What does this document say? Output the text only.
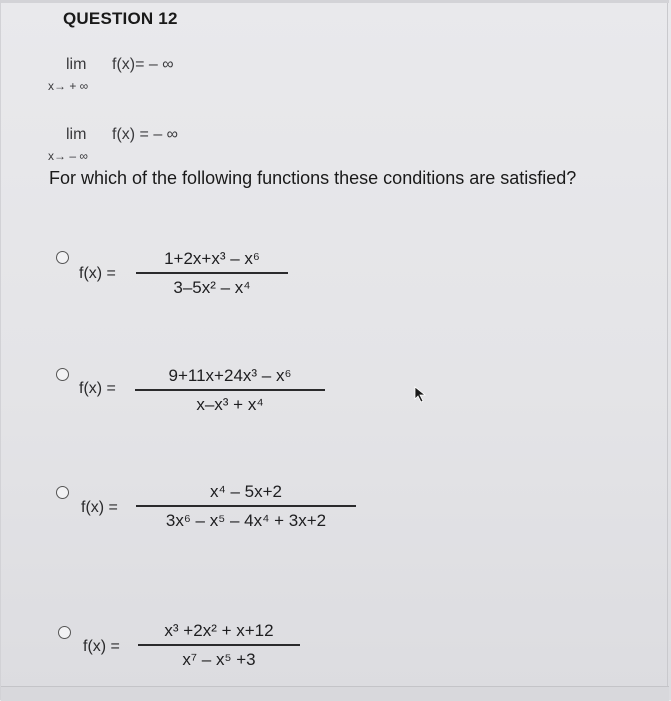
QUESTION 12
lim f(x)= – ∞
x→ + ∞
lim f(x) = – ∞
x→ – ∞
For which of the following functions these conditions are satisfied?
f(x) =
1+2x+x³ – x⁶
3–5x² – x⁴
f(x) =
9+11x+24x³ – x⁶
x–x³ + x⁴
f(x) =
x⁴ – 5x+2
3x⁶ – x⁵ – 4x⁴ + 3x+2
f(x) =
x³ +2x² + x+12
x⁷ – x⁵ +3
